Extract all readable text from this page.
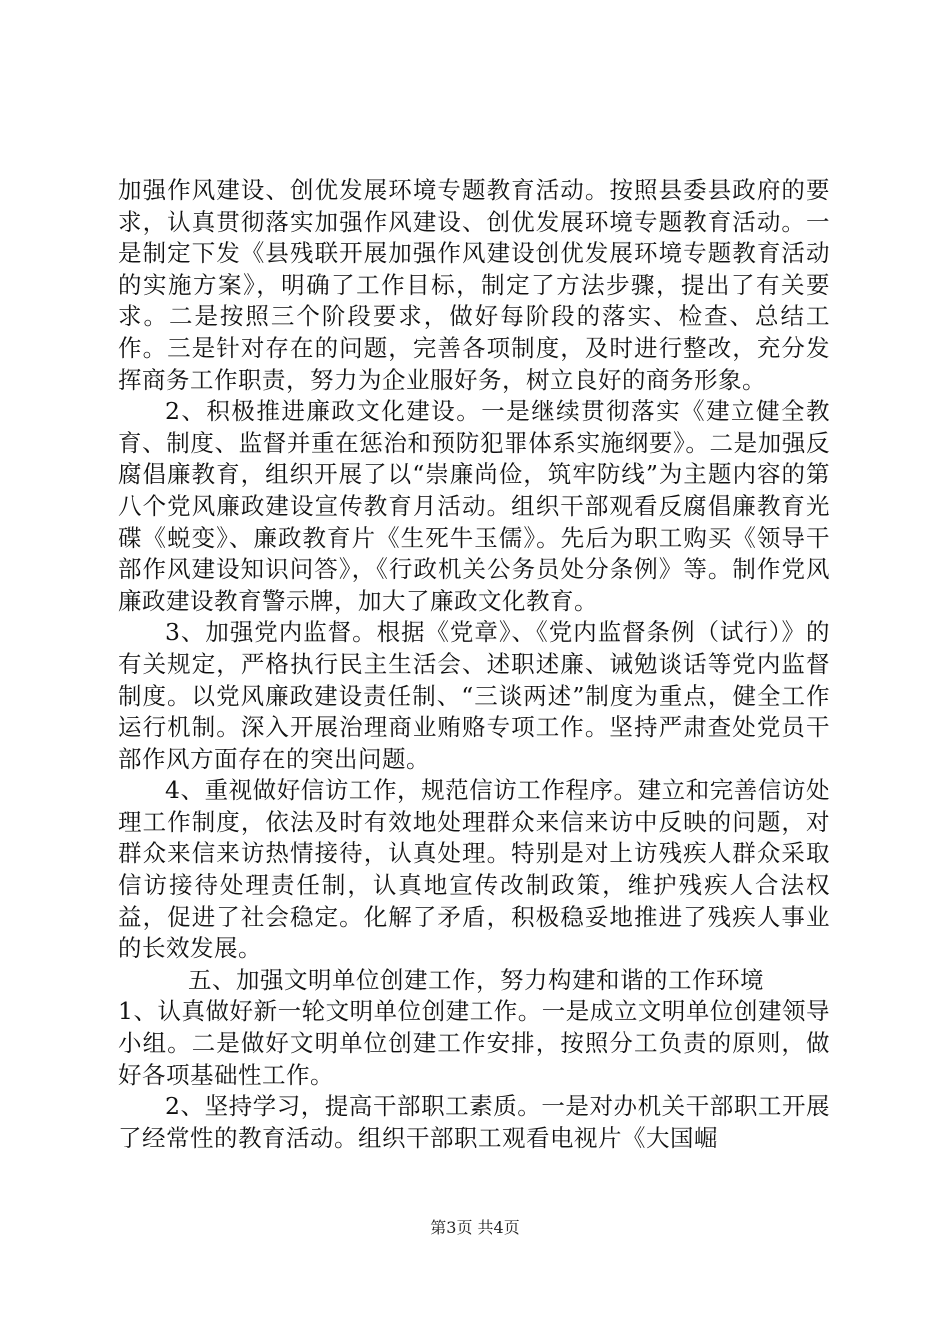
加强作风建设、创优发展环境专题教育活动。按照县委县政府的要求，认真贯彻落实加强作风建设、创优发展环境专题教育活动。一是制定下发《县残联开展加强作风建设创优发展环境专题教育活动的实施方案》，明确了工作目标，制定了方法步骤，提出了有关要求。二是按照三个阶段要求，做好每阶段的落实、检查、总结工作。三是针对存在的问题，完善各项制度，及时进行整改，充分发挥商务工作职责，努力为企业服好务，树立良好的商务形象。

2、积极推进廉政文化建设。一是继续贯彻落实《建立健全教育、制度、监督并重在惩治和预防犯罪体系实施纲要》。二是加强反腐倡廉教育，组织开展了以“崇廉尚俭，筑牢防线”为主题内容的第八个党风廉政建设宣传教育月活动。组织干部观看反腐倡廉教育光碟《蜕变》、廉政教育片《生死牛玉儒》。先后为职工购买《领导干部作风建设知识问答》，《行政机关公务员处分条例》等。制作党风廉政建设教育警示牌，加大了廉政文化教育。

3、加强党内监督。根据《党章》、《党内监督条例（试行）》的有关规定，严格执行民主生活会、述职述廉、诫勉谈话等党内监督制度。以党风廉政建设责任制、“三谈两述”制度为重点，健全工作运行机制。深入开展治理商业贿赂专项工作。坚持严肃查处党员干部作风方面存在的突出问题。

4、重视做好信访工作，规范信访工作程序。建立和完善信访处理工作制度，依法及时有效地处理群众来信来访中反映的问题，对群众来信来访热情接待，认真处理。特别是对上访残疾人群众采取信访接待处理责任制，认真地宣传改制政策，维护残疾人合法权益，促进了社会稳定。化解了矛盾，积极稳妥地推进了残疾人事业的长效发展。

五、加强文明单位创建工作，努力构建和谐的工作环境

1、认真做好新一轮文明单位创建工作。一是成立文明单位创建领导小组。二是做好文明单位创建工作安排，按照分工负责的原则，做好各项基础性工作。

2、坚持学习，提高干部职工素质。一是对办机关干部职工开展了经常性的教育活动。组织干部职工观看电视片《大国崛

第3页 共4页
